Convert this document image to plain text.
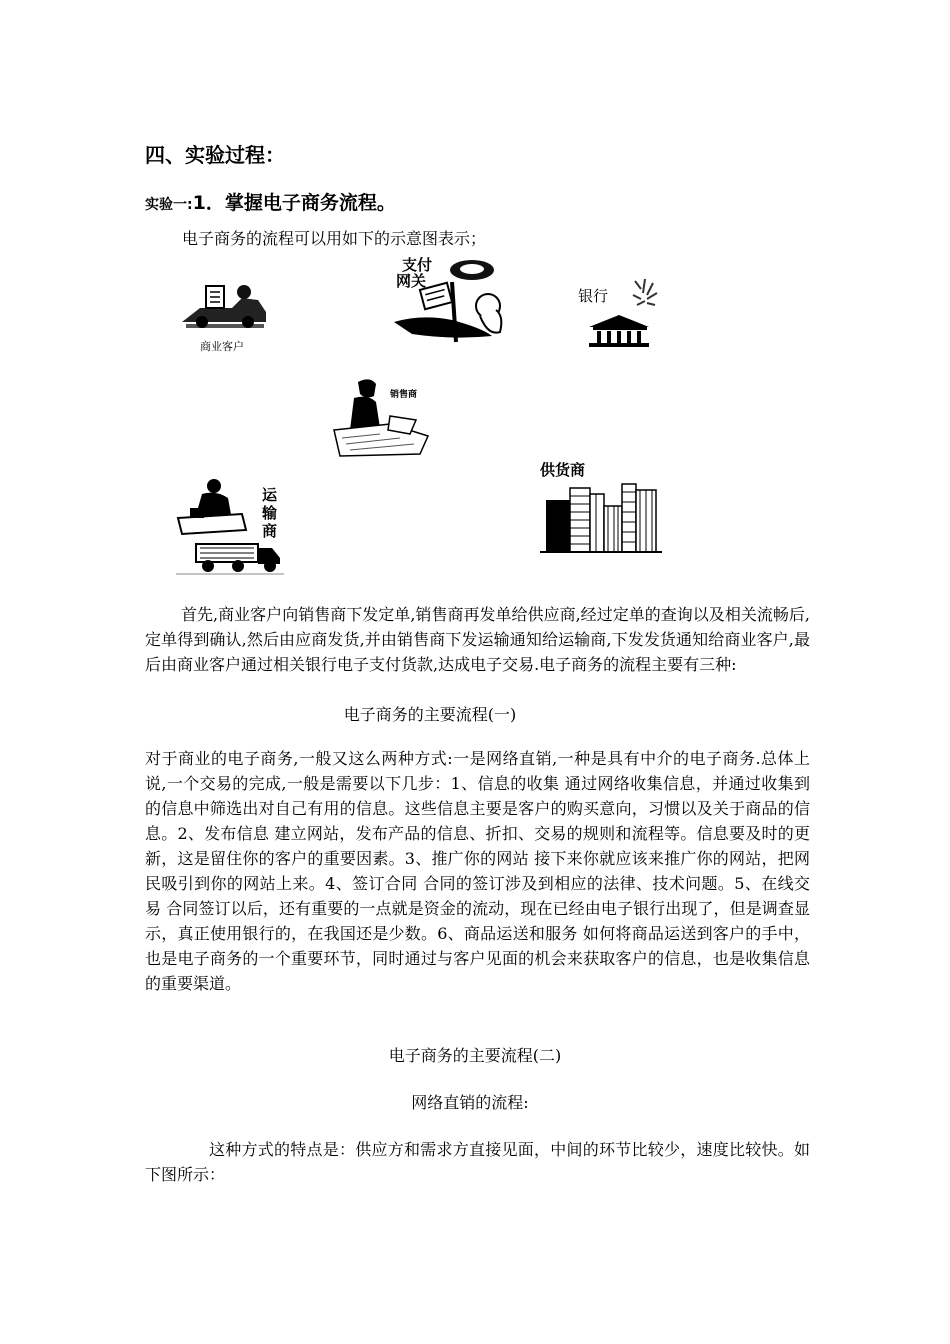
四、实验过程：
实验一:1．掌握电子商务流程。
电子商务的流程可以用如下的示意图表示；
商业客户
支付
网关
银行
销售商
运
输
商
供货商
首先,商业客户向销售商下发定单,销售商再发单给供应商,经过定单的查询以及相关流畅后,定单得到确认,然后由应商发货,并由销售商下发运输通知给运输商,下发发货通知给商业客户,最后由商业客户通过相关银行电子支付货款,达成电子交易.电子商务的流程主要有三种:
电子商务的主要流程(一)
对于商业的电子商务,一般又这么两种方式:一是网络直销,一种是具有中介的电子商务.总体上说,一个交易的完成,一般是需要以下几步：1、信息的收集 通过网络收集信息，并通过收集到的信息中筛选出对自己有用的信息。这些信息主要是客户的购买意向，习惯以及关于商品的信息。2、发布信息 建立网站，发布产品的信息、折扣、交易的规则和流程等。信息要及时的更新，这是留住你的客户的重要因素。3、推广你的网站 接下来你就应该来推广你的网站，把网民吸引到你的网站上来。4、签订合同 合同的签订涉及到相应的法律、技术问题。5、在线交易 合同签订以后，还有重要的一点就是资金的流动，现在已经由电子银行出现了，但是调查显示，真正使用银行的，在我国还是少数。6、商品运送和服务 如何将商品运送到客户的手中，也是电子商务的一个重要环节，同时通过与客户见面的机会来获取客户的信息，也是收集信息的重要渠道。
电子商务的主要流程(二)
网络直销的流程:
这种方式的特点是：供应方和需求方直接见面，中间的环节比较少，速度比较快。如下图所示：
